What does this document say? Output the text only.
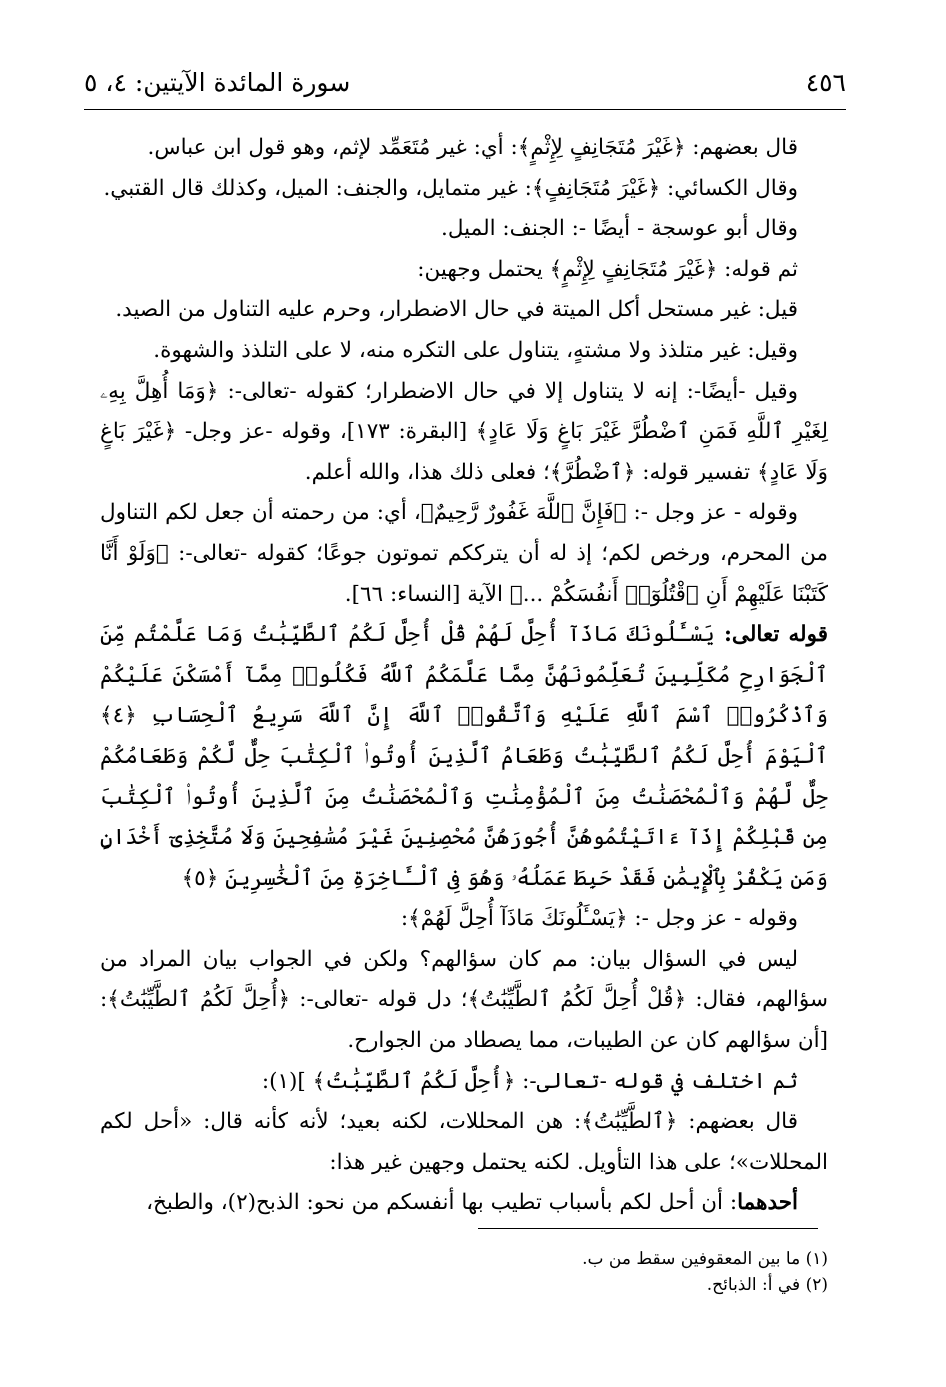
٤٥٦
سورة المائدة الآيتين: ٤، ٥

قال بعضهم: ﴿غَيْرَ مُتَجَانِفٍ لِإِثْمٍ﴾: أي: غير مُتَعَمِّد لإثم، وهو قول ابن عباس.

وقال الكسائي: ﴿غَيْرَ مُتَجَانِفٍ﴾: غير متمايل، والجنف: الميل، وكذلك قال القتبي.

وقال أبو عوسجة - أيضًا -: الجنف: الميل.

ثم قوله: ﴿غَيْرَ مُتَجَانِفٍ لِإِثْمٍ﴾ يحتمل وجهين:

قيل: غير مستحل أكل الميتة في حال الاضطرار، وحرم عليه التناول من الصيد.

وقيل: غير متلذذ ولا مشتهٍ، يتناول على التكره منه، لا على التلذذ والشهوة.

وقيل -أيضًا-: إنه لا يتناول إلا في حال الاضطرار؛ كقوله -تعالى-: ﴿وَمَا أُهِلَّ بِهِۦ لِغَيْرِ ٱللَّهِ فَمَنِ ٱضْطُرَّ غَيْرَ بَاغٍ وَلَا عَادٍ﴾ [البقرة: ١٧٣]، وقوله -عز وجل- ﴿غَيْرَ بَاغٍ وَلَا عَادٍ﴾ تفسير قوله: ﴿ٱضْطُرَّ﴾؛ فعلى ذلك هذا، والله أعلم.

وقوله - عز وجل -: ﴿فَإِنَّ ٱللَّهَ غَفُورٌ رَّحِيمٌ﴾، أي: من رحمته أن جعل لكم التناول من المحرم، ورخص لكم؛ إذ له أن يترككم تموتون جوعًا؛ كقوله -تعالى-: ﴿وَلَوْ أَنَّا كَتَبْنَا عَلَيْهِمْ أَنِ ٱقْتُلُوٓا۟ أَنفُسَكُمْ ...﴾ الآية [النساء: ٦٦].

قوله تعالى: يَسْـَٔلُونَكَ مَاذَآ أُحِلَّ لَهُمْ قُلْ أُحِلَّ لَكُمُ ٱلطَّيِّبَٰتُ وَمَا عَلَّمْتُم مِّنَ ٱلْجَوَارِحِ مُكَلِّبِينَ تُعَلِّمُونَهُنَّ مِمَّا عَلَّمَكُمُ ٱللَّهُ فَكُلُوا۟ مِمَّآ أَمْسَكْنَ عَلَيْكُمْ وَٱذْكُرُوا۟ ٱسْمَ ٱللَّهِ عَلَيْهِ وَٱتَّقُوا۟ ٱللَّهَ إِنَّ ٱللَّهَ سَرِيعُ ٱلْحِسَابِ ﴿٤﴾ ٱلْيَوْمَ أُحِلَّ لَكُمُ ٱلطَّيِّبَٰتُ وَطَعَامُ ٱلَّذِينَ أُوتُوا۟ ٱلْكِتَٰبَ حِلٌّ لَّكُمْ وَطَعَامُكُمْ حِلٌّ لَّهُمْ وَٱلْمُحْصَنَٰتُ مِنَ ٱلْمُؤْمِنَٰتِ وَٱلْمُحْصَنَٰتُ مِنَ ٱلَّذِينَ أُوتُوا۟ ٱلْكِتَٰبَ مِن قَبْلِكُمْ إِذَآ ءَاتَيْتُمُوهُنَّ أُجُورَهُنَّ مُحْصِنِينَ غَيْرَ مُسَٰفِحِينَ وَلَا مُتَّخِذِىٓ أَخْدَانٍ وَمَن يَكْفُرْ بِٱلْإِيمَٰنِ فَقَدْ حَبِطَ عَمَلُهُۥ وَهُوَ فِى ٱلْـَٔاخِرَةِ مِنَ ٱلْخَٰسِرِينَ ﴿٥﴾

وقوله - عز وجل -: ﴿يَسْـَٔلُونَكَ مَاذَآ أُحِلَّ لَهُمْ﴾:

ليس في السؤال بيان: مم كان سؤالهم؟ ولكن في الجواب بيان المراد من سؤالهم، فقال: ﴿قُلْ أُحِلَّ لَكُمُ ٱلطَّيِّبَٰتُ﴾؛ دل قوله -تعالى-: ﴿أُحِلَّ لَكُمُ ٱلطَّيِّبَٰتُ﴾: [أن سؤالهم كان عن الطيبات، مما يصطاد من الجوارح.

ثم اختلف في قوله -تعالى-: ﴿أُحِلَّ لَكُمُ ٱلطَّيِّبَٰتُ﴾ ](١):

قال بعضهم: ﴿ٱلطَّيِّبَٰتُ﴾: هن المحللات، لكنه بعيد؛ لأنه كأنه قال: «أحل لكم المحللات»؛ على هذا التأويل. لكنه يحتمل وجهين غير هذا:

أحدهما: أن أحل لكم بأسباب تطيب بها أنفسكم من نحو: الذبح(٢)، والطبخ،

(١) ما بين المعقوفين سقط من ب.
(٢) في أ: الذبائح.
